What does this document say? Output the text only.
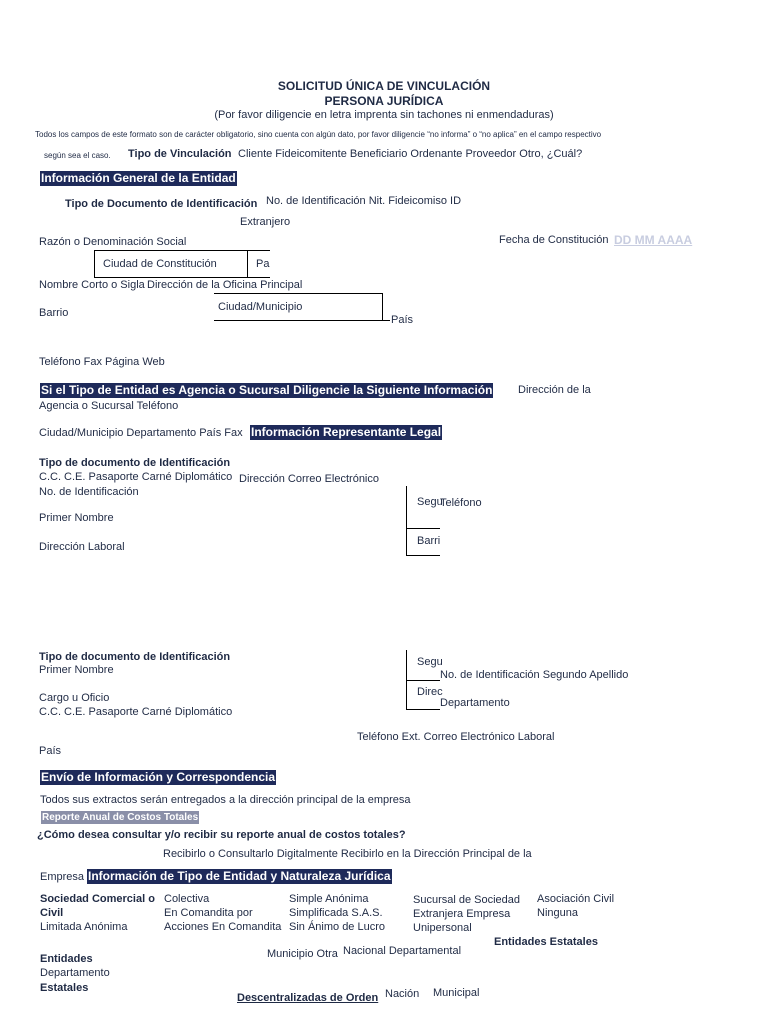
SOLICITUD ÚNICA DE VINCULACIÓN
PERSONA JURÍDICA
(Por favor diligencie en letra imprenta sin tachones ni enmendaduras)
Todos los campos de este formato son de carácter obligatorio, sino cuenta con algún dato, por favor diligencie “no informa” o “no aplica” en el campo respectivo
según sea el caso. Tipo de Vinculación Cliente Fideicomitente Beneficiario Ordenante Proveedor Otro, ¿Cuál?
Información General de la Entidad
Tipo de Documento de Identificación No. de Identificación Nit. Fideicomiso ID
Extranjero
Razón o Denominación Social	Fecha de Constitución DD MM AAAA
Ciudad de Constitución	Pa
Nombre Corto o Sigla Dirección de la Oficina Principal
Barrio	Ciudad/Municipio
País
Teléfono Fax Página Web
Si el Tipo de Entidad es Agencia o Sucursal Diligencie la Siguiente Información Dirección de la
Agencia o Sucursal Teléfono
Ciudad/Municipio Departamento País Fax Información Representante Legal
Tipo de documento de Identificación
C.C. C.E. Pasaporte Carné Diplomático Dirección Correo Electrónico
No. de Identificación
Segu
Teléfono
Primer Nombre
Barri
Dirección Laboral
Tipo de documento de Identificación
Primer Nombre
Segu
No. de Identificación Segundo Apellido
Cargo u Oficio	Direc
Departamento
C.C. C.E. Pasaporte Carné Diplomático
Teléfono Ext. Correo Electrónico Laboral
País
Envío de Información y Correspondencia
Todos sus extractos serán entregados a la dirección principal de la empresa
Reporte Anual de Costos Totales
¿Cómo desea consultar y/o recibir su reporte anual de costos totales?
Recibirlo o Consultarlo Digitalmente Recibirlo en la Dirección Principal de la
Empresa Información de Tipo de Entidad y Naturaleza Jurídica
Sociedad Comercial o
Civil
Limitada Anónima
Colectiva
En Comandita por
Acciones En Comandita
Simple Anónima
Simplificada S.A.S.
Sin Ánimo de Lucro
Sucursal de Sociedad
Extranjera Empresa
Unipersonal
Asociación Civil
Ninguna
Entidades Estatales
Municipio Otra Nacional Departamental
Entidades
Departamento
Estatales
Descentralizadas de Orden Nación Municipal
